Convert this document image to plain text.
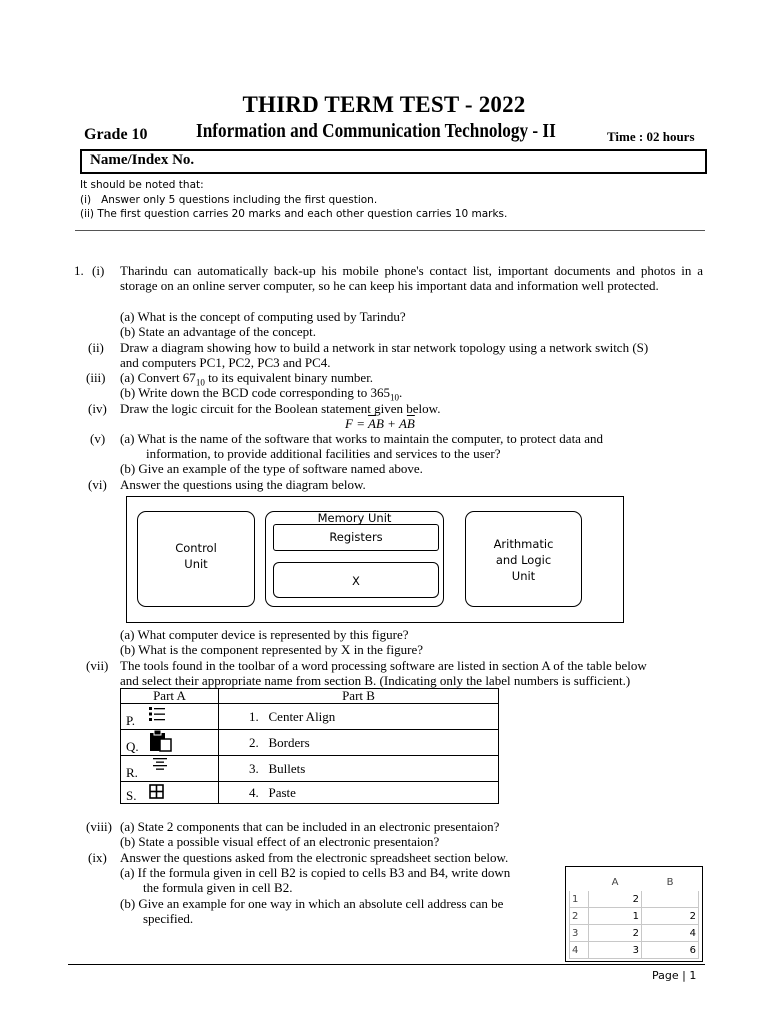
THIRD TERM TEST - 2022
Grade 10 Information and Communication Technology - II	Time : 02 hours
Name/Index No.
It should be noted that:
(i)   Answer only 5 questions including the first question.
(ii) The first question carries 20 marks and each other question carries 10 marks.
1. (i) Tharindu can automatically back-up his mobile phone's contact list, important documents and photos in a storage on an online server computer, so he can keep his important data and information well protected.
(a) What is the concept of computing used by Tarindu?
(b) State an advantage of the concept.
(ii) Draw a diagram showing how to build a network in star network topology using a network switch (S)
and computers PC1, PC2, PC3 and PC4.
(iii) (a) Convert $67_{10}$ to its equivalent binary number.
(b) Write down the BCD code corresponding to $365_{10}$.
(iv) Draw the logic circuit for the Boolean statement given below.
$F = \overline{A}B + A\overline{B}$
(v) (a) What is the name of the software that works to maintain the computer, to protect data and
information, to provide additional facilities and services to the user?
(b) Give an example of the type of software named above.
(vi) Answer the questions using the diagram below.
(a) What computer device is represented by this figure?
(b) What is the component represented by X in the figure?
(vii) The tools found in the toolbar of a word processing software are listed in section A of the table below
and select their appropriate name from section B. (Indicating only the label numbers is sufficient.)
(viii) (a) State 2 components that can be included in an electronic presentaion?
(b) State a possible visual effect of an electronic presentaion?
(ix) Answer the questions asked from the electronic spreadsheet section below.
(a) If the formula given in cell B2 is copied to cells B3 and B4, write down
the formula given in cell B2.
(b) Give an example for one way in which an absolute cell address can be
specified.
Control
Unit
Memory Unit
Registers
X
Arithmatic
and Logic
Unit
Part A	Part B

P.	1. Center Align

Q.	2. Borders

R.	3. Bullets

S.	4. Paste
	A	B
1	2	
2	1	2
3	2	4
4	3	6
Page | 1
